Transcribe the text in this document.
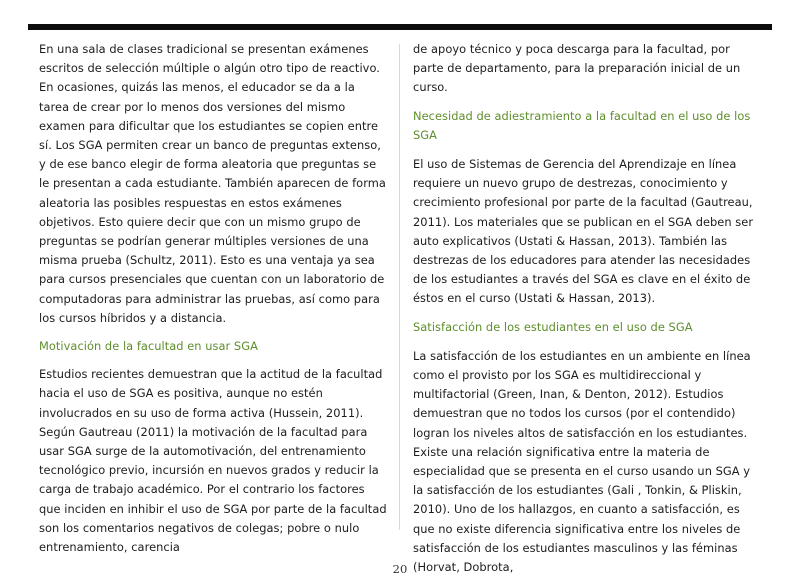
En una sala de clases tradicional se presentan exámenes escritos de selección múltiple o algún otro tipo de reactivo. En ocasiones, quizás las menos, el educador se da a la tarea de crear por lo menos dos versiones del mismo examen para dificultar que los estudiantes se copien entre sí. Los SGA permiten crear un banco de preguntas extenso, y de ese banco elegir de forma aleatoria que preguntas se le presentan a cada estudiante. También aparecen de forma aleatoria las posibles respuestas en estos exámenes objetivos. Esto quiere decir que con un mismo grupo de preguntas se podrían generar múltiples versiones de una misma prueba (Schultz, 2011). Esto es una ventaja ya sea para cursos presenciales que cuentan con un laboratorio de computadoras para administrar las pruebas, así como para los cursos híbridos y a distancia.

Motivación de la facultad en usar SGA

Estudios recientes demuestran que la actitud de la facultad hacia el uso de SGA es positiva, aunque no estén involucrados en su uso de forma activa (Hussein, 2011). Según Gautreau (2011) la motivación de la facultad para usar SGA surge de la automotivación, del entrenamiento tecnológico previo, incursión en nuevos grados y reducir la carga de trabajo académico. Por el contrario los factores que inciden en inhibir el uso de SGA por parte de la facultad son los comentarios negativos de colegas; pobre o nulo entrenamiento, carencia

de apoyo técnico y poca descarga para la facultad, por parte de departamento, para la preparación inicial de un curso.

Necesidad de adiestramiento a la facultad en el uso de los SGA

El uso de Sistemas de Gerencia del Aprendizaje en línea requiere un nuevo grupo de destrezas, conocimiento y crecimiento profesional por parte de la facultad (Gautreau, 2011). Los materiales que se publican en el SGA deben ser auto explicativos (Ustati & Hassan, 2013). También las destrezas de los educadores para atender las necesidades de los estudiantes a través del SGA es clave en el éxito de éstos en el curso (Ustati & Hassan, 2013).

Satisfacción de los estudiantes en el uso de SGA

La satisfacción de los estudiantes en un ambiente en línea como el provisto por los SGA es multidireccional y multifactorial (Green, Inan, & Denton, 2012). Estudios demuestran que no todos los cursos (por el contendido) logran los niveles altos de satisfacción en los estudiantes. Existe una relación significativa entre la materia de especialidad que se presenta en el curso usando un SGA y la satisfacción de los estudiantes (Gali , Tonkin, & Pliskin, 2010). Uno de los hallazgos, en cuanto a satisfacción, es que no existe diferencia significativa entre los niveles de satisfacción de los estudiantes masculinos y las féminas (Horvat, Dobrota,

20
